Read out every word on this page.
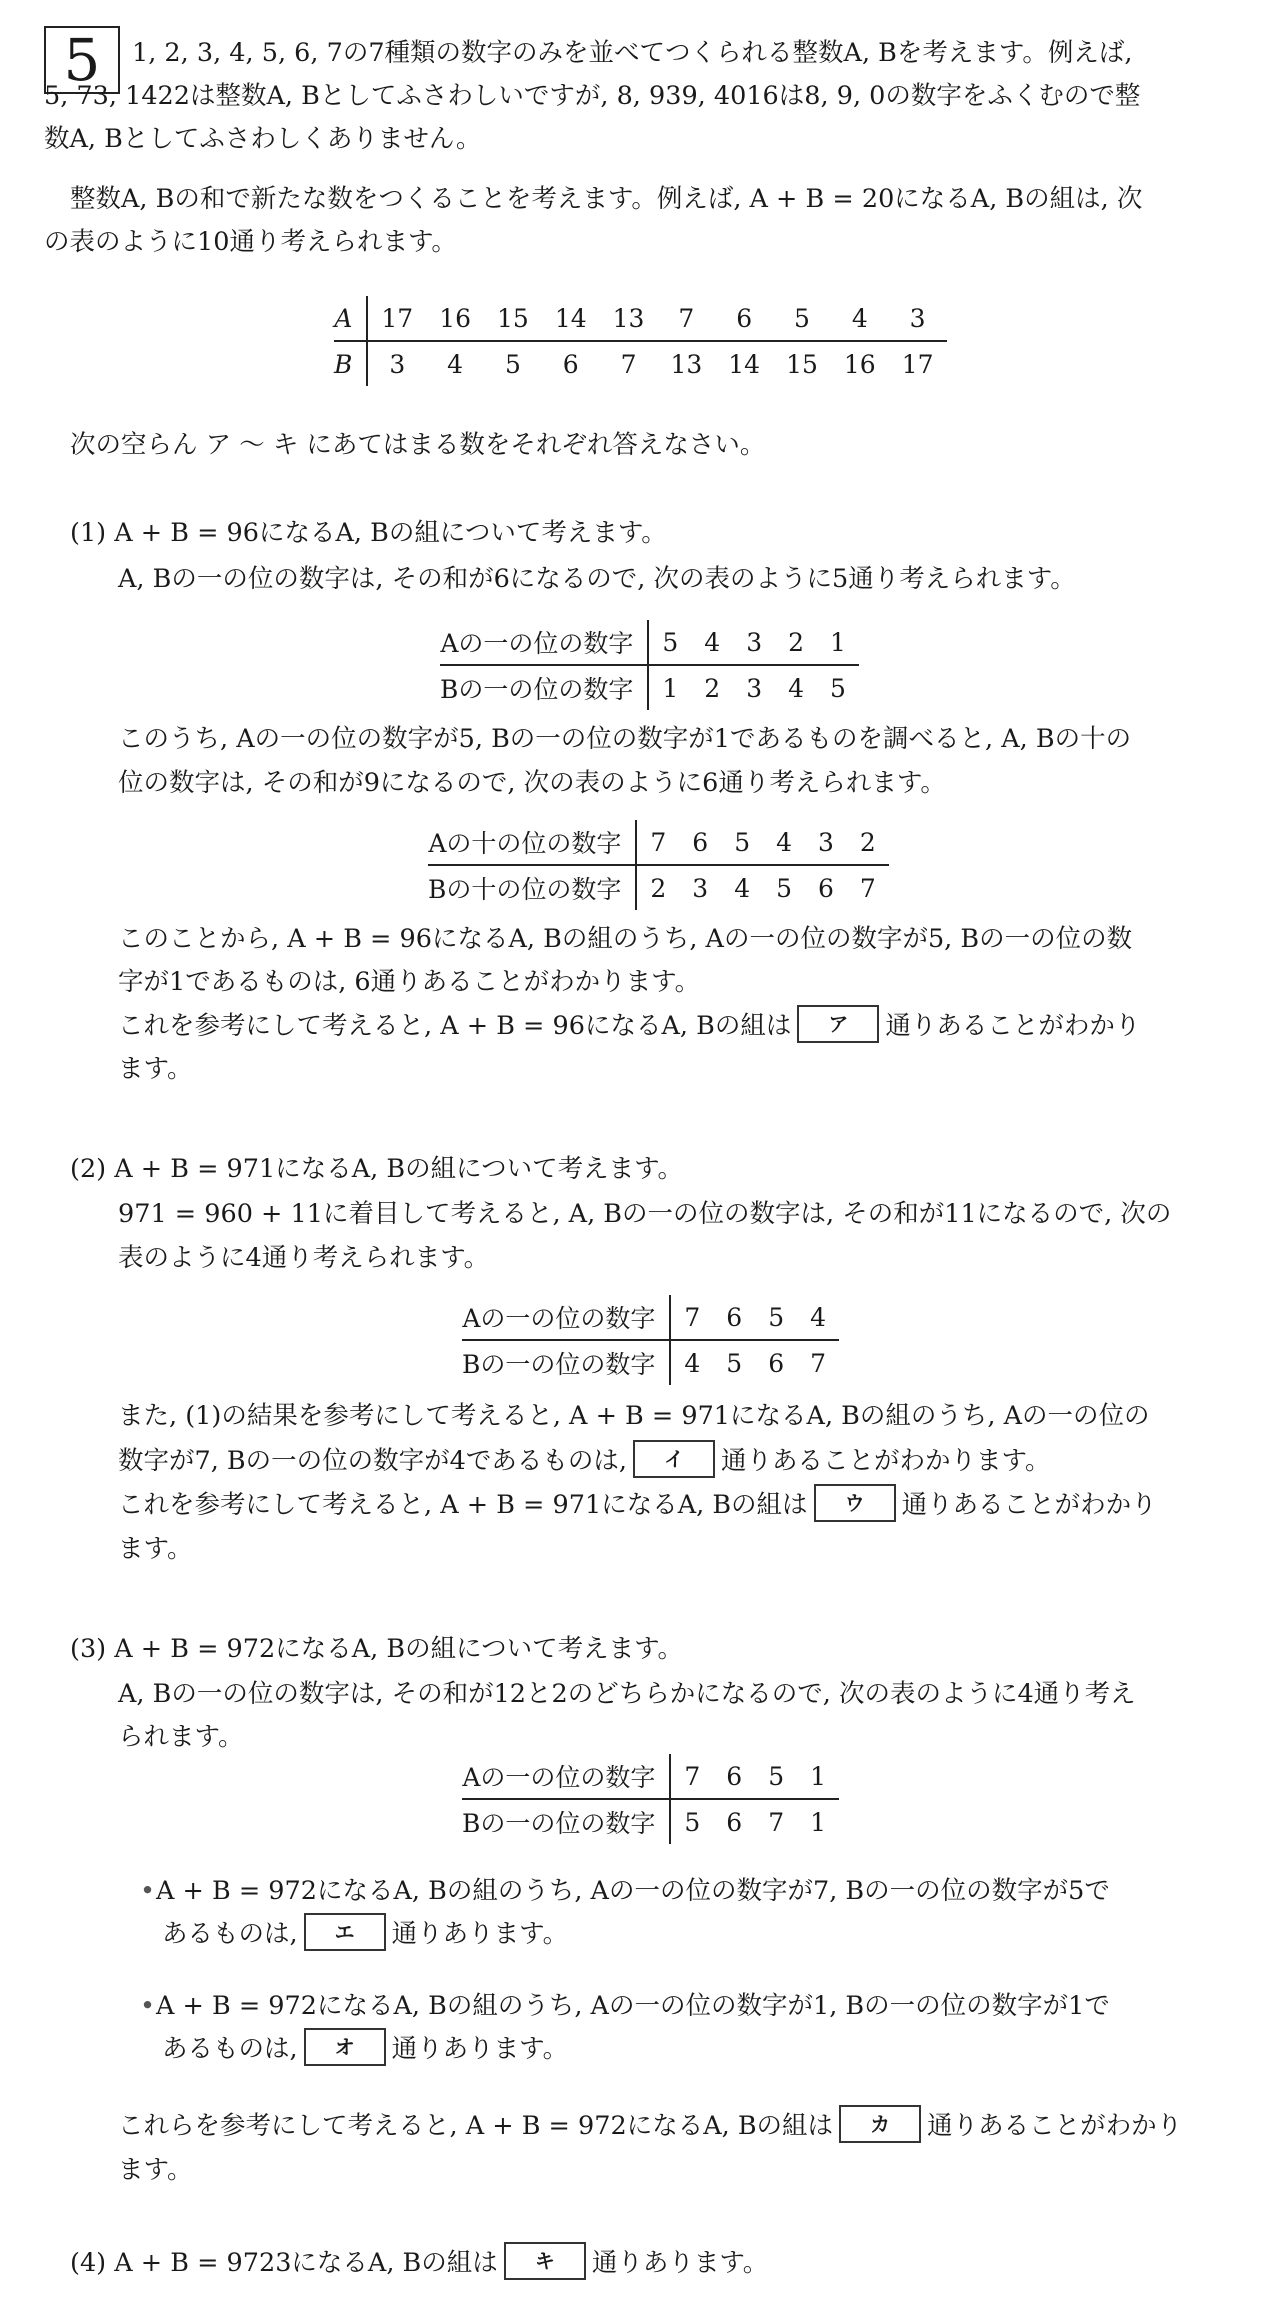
5	1, 2, 3, 4, 5, 6, 7の7種類の数字のみを並べてつくられる整数A, Bを考えます。例えば,

5, 73, 1422は整数A, Bとしてふさわしいですが, 8, 939, 4016は8, 9, 0の数字をふくむので整

数A, Bとしてふさわしくありません。

整数A, Bの和で新たな数をつくることを考えます。例えば, A + B = 20になるA, Bの組は, 次

の表のように10通り考えられます。

A	17	16	15	14	13	7	6	5	4	3
B	3	4	5	6	7	13	14	15	16	17

次の空らん ア ～ キ にあてはまる数をそれぞれ答えなさい。

(1) A + B = 96になるA, Bの組について考えます。

A, Bの一の位の数字は, その和が6になるので, 次の表のように5通り考えられます。

Aの一の位の数字	5	4	3	2	1
Bの一の位の数字	1	2	3	4	5

このうち, Aの一の位の数字が5, Bの一の位の数字が1であるものを調べると, A, Bの十の

位の数字は, その和が9になるので, 次の表のように6通り考えられます。

Aの十の位の数字	7	6	5	4	3	2
Bの十の位の数字	2	3	4	5	6	7

このことから, A + B = 96になるA, Bの組のうち, Aの一の位の数字が5, Bの一の位の数

字が1であるものは, 6通りあることがわかります。

これを参考にして考えると, A + B = 96になるA, Bの組は ア 通りあることがわかり

ます。

(2) A + B = 971になるA, Bの組について考えます。

971 = 960 + 11に着目して考えると, A, Bの一の位の数字は, その和が11になるので, 次の

表のように4通り考えられます。

Aの一の位の数字	7	6	5	4
Bの一の位の数字	4	5	6	7

また, (1)の結果を参考にして考えると, A + B = 971になるA, Bの組のうち, Aの一の位の

数字が7, Bの一の位の数字が4であるものは, イ 通りあることがわかります。

これを参考にして考えると, A + B = 971になるA, Bの組は ウ 通りあることがわかり

ます。

(3) A + B = 972になるA, Bの組について考えます。

A, Bの一の位の数字は, その和が12と2のどちらかになるので, 次の表のように4通り考え

られます。

Aの一の位の数字	7	6	5	1
Bの一の位の数字	5	6	7	1

•A + B = 972になるA, Bの組のうち, Aの一の位の数字が7, Bの一の位の数字が5で

あるものは, エ 通りあります。

•A + B = 972になるA, Bの組のうち, Aの一の位の数字が1, Bの一の位の数字が1で

あるものは, オ 通りあります。

これらを参考にして考えると, A + B = 972になるA, Bの組は カ 通りあることがわかり

ます。

(4) A + B = 9723になるA, Bの組は キ 通りあります。
